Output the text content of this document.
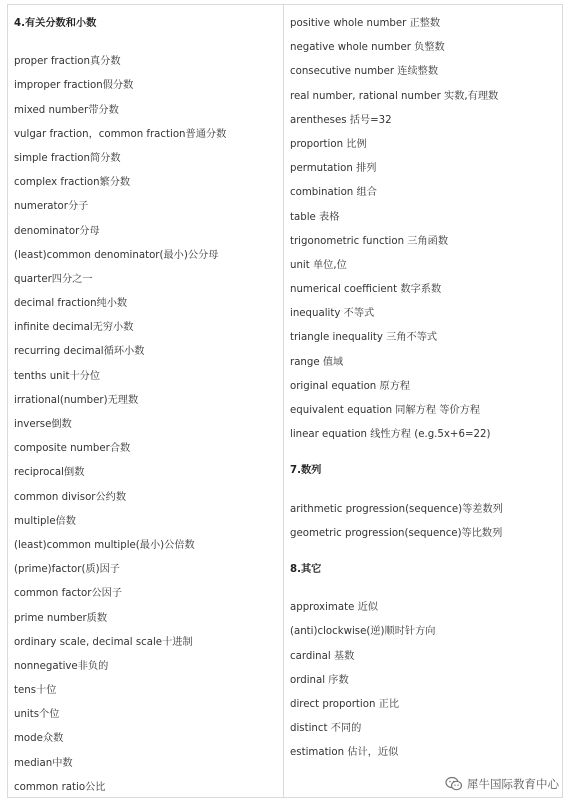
4.有关分数和小数
proper fraction真分数
improper fraction假分数
mixed number带分数
vulgar fraction，common fraction普通分数
simple fraction简分数
complex fraction繁分数
numerator分子
denominator分母
(least)common denominator(最小)公分母
quarter四分之一
decimal fraction纯小数
infinite decimal无穷小数
recurring decimal循环小数
tenths unit十分位
irrational(number)无理数
inverse倒数
composite number合数
reciprocal倒数
common divisor公约数
multiple倍数
(least)common multiple(最小)公倍数
(prime)factor(质)因子
common factor公因子
prime number质数
ordinary scale, decimal scale十进制
nonnegative非负的
tens十位
units个位
mode众数
median中数
common ratio公比
positive whole number 正整数
negative whole number 负整数
consecutive number 连续整数
real number, rational number 实数,有理数
arentheses 括号=32
proportion 比例
permutation 排列
combination 组合
table 表格
trigonometric function 三角函数
unit 单位,位
numerical coefficient 数字系数
inequality 不等式
triangle inequality 三角不等式
range 值域
original equation 原方程
equivalent equation 同解方程 等价方程
linear equation 线性方程 (e.g.5x+6=22)
7.数列
arithmetic progression(sequence)等差数列
geometric progression(sequence)等比数列
8.其它
approximate 近似
(anti)clockwise(逆)顺时针方向
cardinal 基数
ordinal 序数
direct proportion 正比
distinct 不同的
estimation 估计，近似
犀牛国际教育中心
